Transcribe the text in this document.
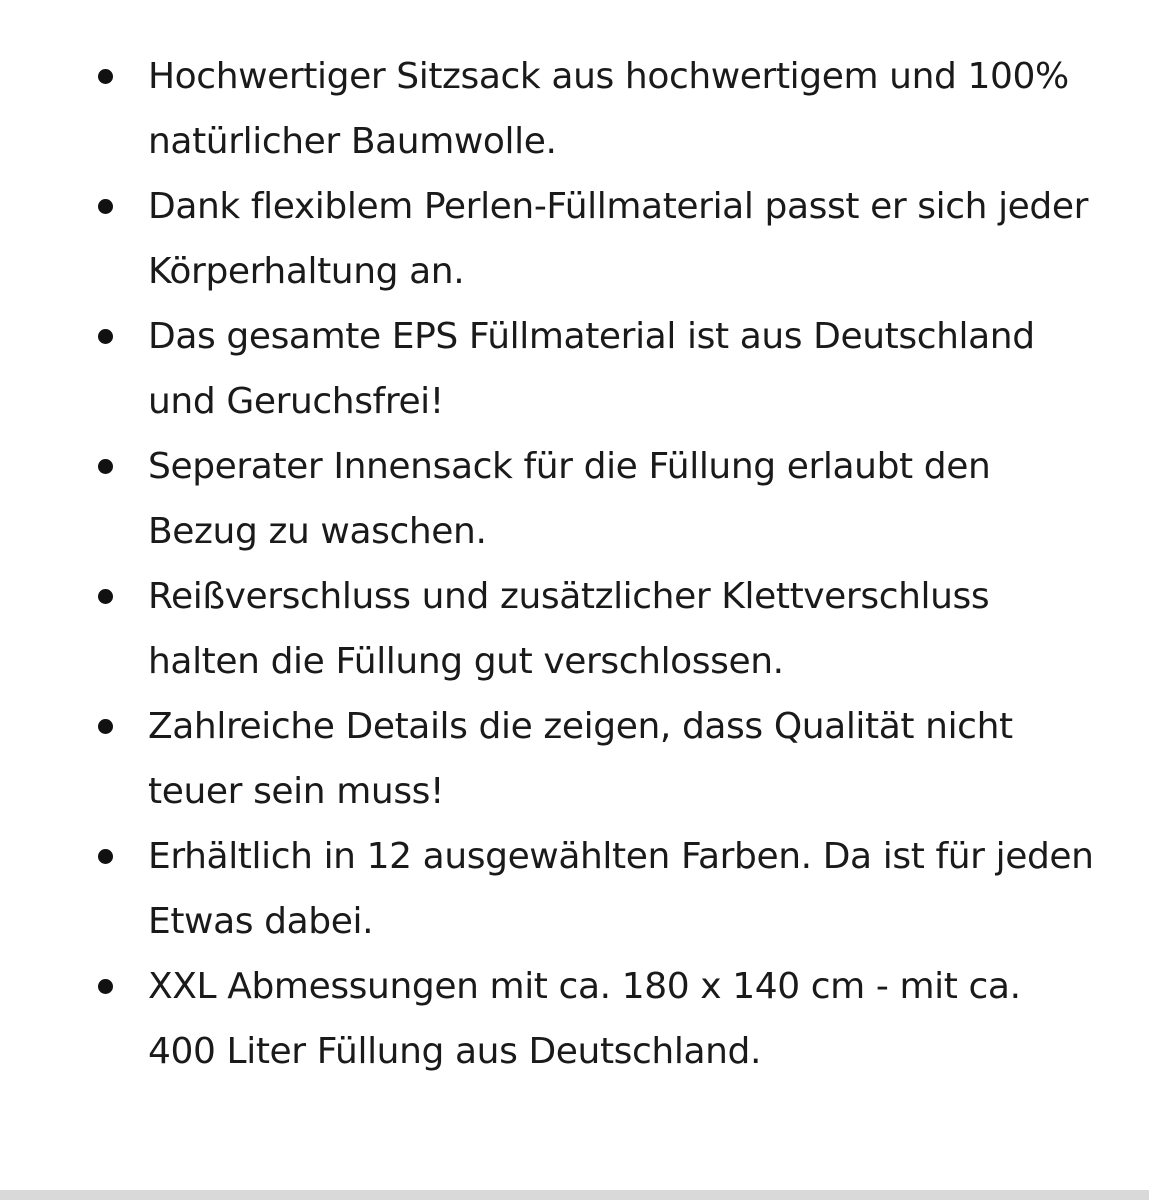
Hochwertiger Sitzsack aus hochwertigem und 100% natürlicher Baumwolle.
Dank flexiblem Perlen-Füllmaterial passt er sich jeder Körperhaltung an.
Das gesamte EPS Füllmaterial ist aus Deutschland und Geruchsfrei!
Seperater Innensack für die Füllung erlaubt den Bezug zu waschen.
Reißverschluss und zusätzlicher Klettverschluss halten die Füllung gut verschlossen.
Zahlreiche Details die zeigen, dass Qualität nicht teuer sein muss!
Erhältlich in 12 ausgewählten Farben. Da ist für jeden Etwas dabei.
XXL Abmessungen mit ca. 180 x 140 cm - mit ca. 400 Liter Füllung aus Deutschland.
